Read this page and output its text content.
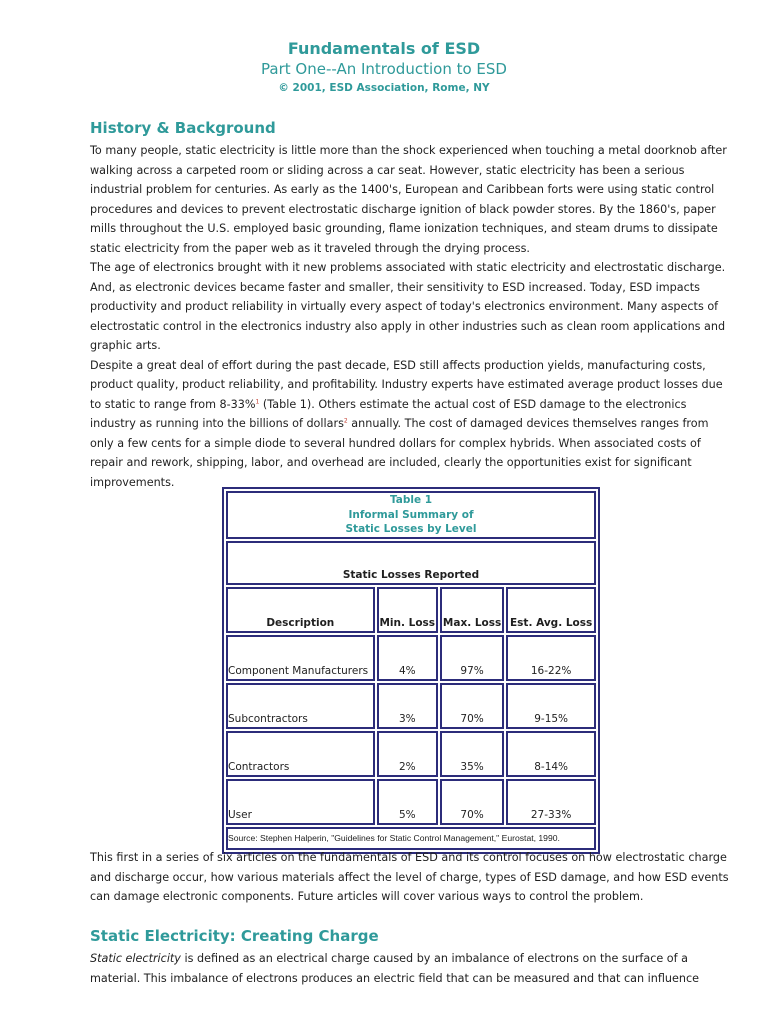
Fundamentals of ESD

Part One--An Introduction to ESD

© 2001, ESD Association, Rome, NY

History & Background

To many people, static electricity is little more than the shock experienced when touching a metal doorknob after walking across a carpeted room or sliding across a car seat. However, static electricity has been a serious industrial problem for centuries. As early as the 1400's, European and Caribbean forts were using static control procedures and devices to prevent electrostatic discharge ignition of black powder stores. By the 1860's, paper mills throughout the U.S. employed basic grounding, flame ionization techniques, and steam drums to dissipate static electricity from the paper web as it traveled through the drying process.

The age of electronics brought with it new problems associated with static electricity and electrostatic discharge. And, as electronic devices became faster and smaller, their sensitivity to ESD increased. Today, ESD impacts productivity and product reliability in virtually every aspect of today's electronics environment. Many aspects of electrostatic control in the electronics industry also apply in other industries such as clean room applications and graphic arts.

Despite a great deal of effort during the past decade, ESD still affects production yields, manufacturing costs, product quality, product reliability, and profitability. Industry experts have estimated average product losses due to static to range from 8-33%$^1$ (Table 1). Others estimate the actual cost of ESD damage to the electronics industry as running into the billions of dollars$^2$ annually. The cost of damaged devices themselves ranges from only a few cents for a simple diode to several hundred dollars for complex hybrids. When associated costs of repair and rework, shipping, labor, and overhead are included, clearly the opportunities exist for significant improvements.

Table 1
Informal Summary of
Static Losses by Level			

Static Losses Reported			
Description	Min. Loss	Max. Loss	Est. Avg. Loss
Component Manufacturers	4%	97%	16-22%
Subcontractors	3%	70%	9-15%
Contractors	2%	35%	8-14%
User	5%	70%	27-33%
Source: Stephen Halperin, "Guidelines for Static Control Management," Eurostat, 1990.			

This first in a series of six articles on the fundamentals of ESD and its control focuses on how electrostatic charge and discharge occur, how various materials affect the level of charge, types of ESD damage, and how ESD events can damage electronic components. Future articles will cover various ways to control the problem.

Static Electricity: Creating Charge

Static electricity is defined as an electrical charge caused by an imbalance of electrons on the surface of a material. This imbalance of electrons produces an electric field that can be measured and that can influence
